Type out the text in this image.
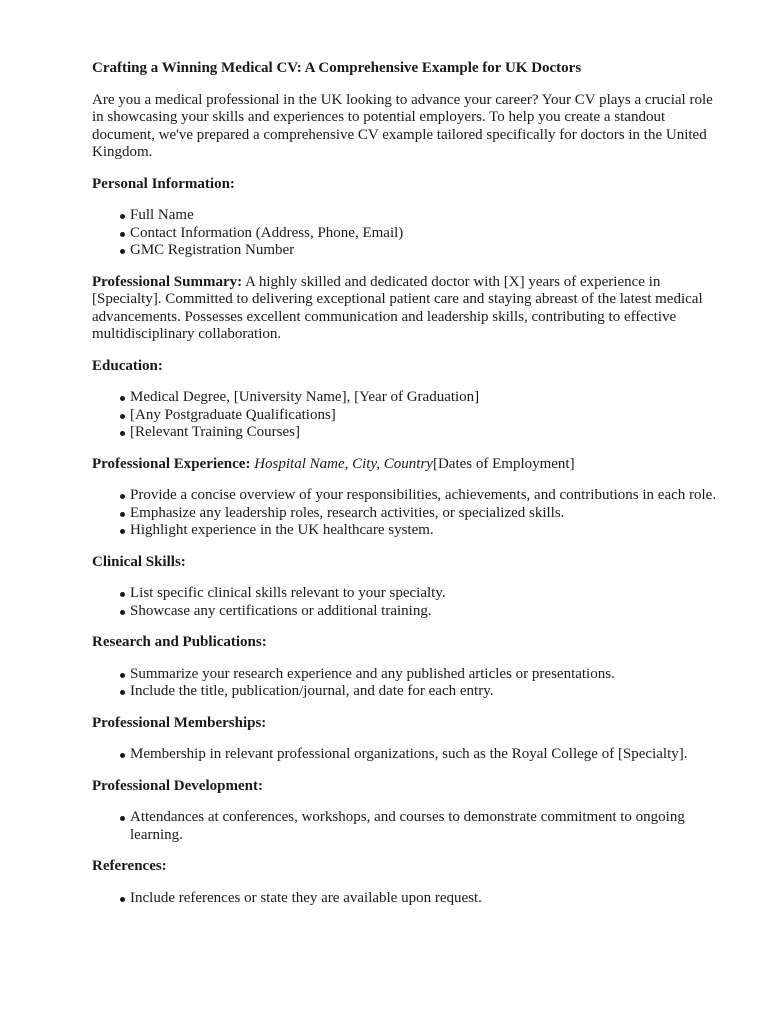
Crafting a Winning Medical CV: A Comprehensive Example for UK Doctors

Are you a medical professional in the UK looking to advance your career? Your CV plays a crucial role in showcasing your skills and experiences to potential employers. To help you create a standout document, we've prepared a comprehensive CV example tailored specifically for doctors in the United Kingdom.

Personal Information:
Full Name
Contact Information (Address, Phone, Email)
GMC Registration Number

Professional Summary: A highly skilled and dedicated doctor with [X] years of experience in [Specialty]. Committed to delivering exceptional patient care and staying abreast of the latest medical advancements. Possesses excellent communication and leadership skills, contributing to effective multidisciplinary collaboration.

Education:
Medical Degree, [University Name], [Year of Graduation]
[Any Postgraduate Qualifications]
[Relevant Training Courses]

Professional Experience: Hospital Name, City, Country[Dates of Employment]

Provide a concise overview of your responsibilities, achievements, and contributions in each role.
Emphasize any leadership roles, research activities, or specialized skills.
Highlight experience in the UK healthcare system.
Clinical Skills:
List specific clinical skills relevant to your specialty.
Showcase any certifications or additional training.
Research and Publications:
Summarize your research experience and any published articles or presentations.
Include the title, publication/journal, and date for each entry.
Professional Memberships:
Membership in relevant professional organizations, such as the Royal College of [Specialty].
Professional Development:
Attendances at conferences, workshops, and courses to demonstrate commitment to ongoing learning.
References:
Include references or state they are available upon request.
